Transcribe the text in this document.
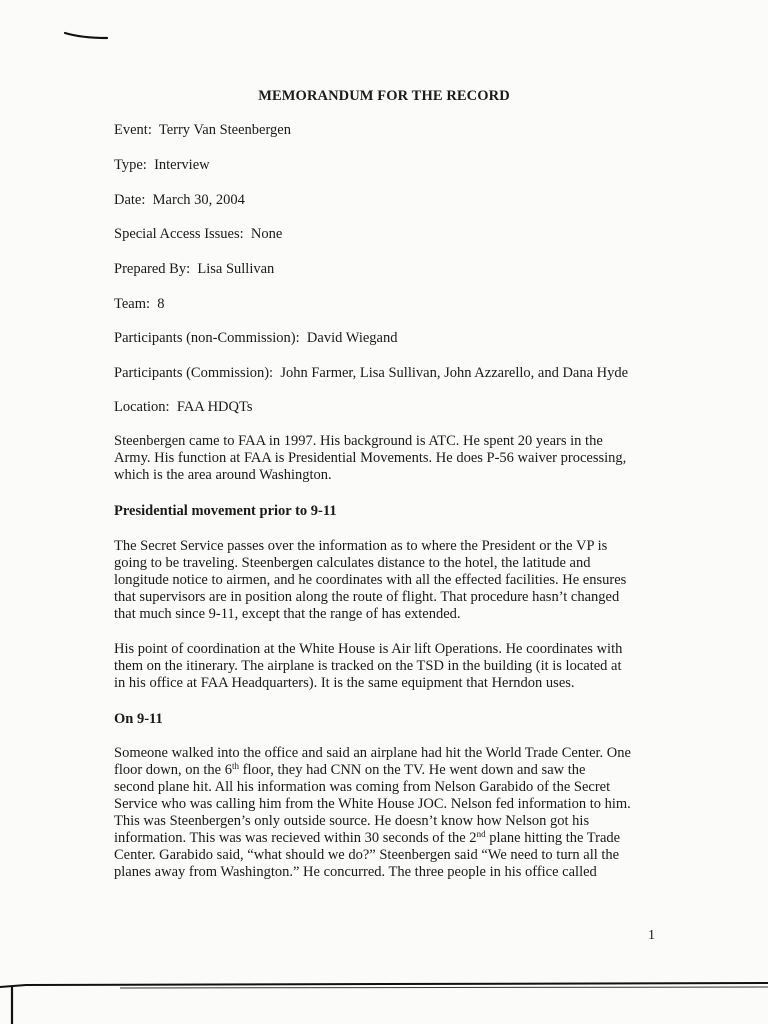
MEMORANDUM FOR THE RECORD
Event: Terry Van Steenbergen
Type: Interview
Date: March 30, 2004
Special Access Issues: None
Prepared By: Lisa Sullivan
Team: 8
Participants (non-Commission): David Wiegand
Participants (Commission): John Farmer, Lisa Sullivan, John Azzarello, and Dana Hyde
Location: FAA HDQTs
Steenbergen came to FAA in 1997. His background is ATC. He spent 20 years in the
Army. His function at FAA is Presidential Movements. He does P-56 waiver processing,
which is the area around Washington.
Presidential movement prior to 9-11
The Secret Service passes over the information as to where the President or the VP is
going to be traveling. Steenbergen calculates distance to the hotel, the latitude and
longitude notice to airmen, and he coordinates with all the effected facilities. He ensures
that supervisors are in position along the route of flight. That procedure hasn’t changed
that much since 9-11, except that the range of has extended.
His point of coordination at the White House is Air lift Operations. He coordinates with
them on the itinerary. The airplane is tracked on the TSD in the building (it is located at
in his office at FAA Headquarters). It is the same equipment that Herndon uses.
On 9-11
Someone walked into the office and said an airplane had hit the World Trade Center. One
floor down, on the 6th floor, they had CNN on the TV. He went down and saw the
second plane hit. All his information was coming from Nelson Garabido of the Secret
Service who was calling him from the White House JOC. Nelson fed information to him.
This was Steenbergen’s only outside source. He doesn’t know how Nelson got his
information. This was was recieved within 30 seconds of the 2nd plane hitting the Trade
Center. Garabido said, “what should we do?” Steenbergen said “We need to turn all the
planes away from Washington.” He concurred. The three people in his office called
1
